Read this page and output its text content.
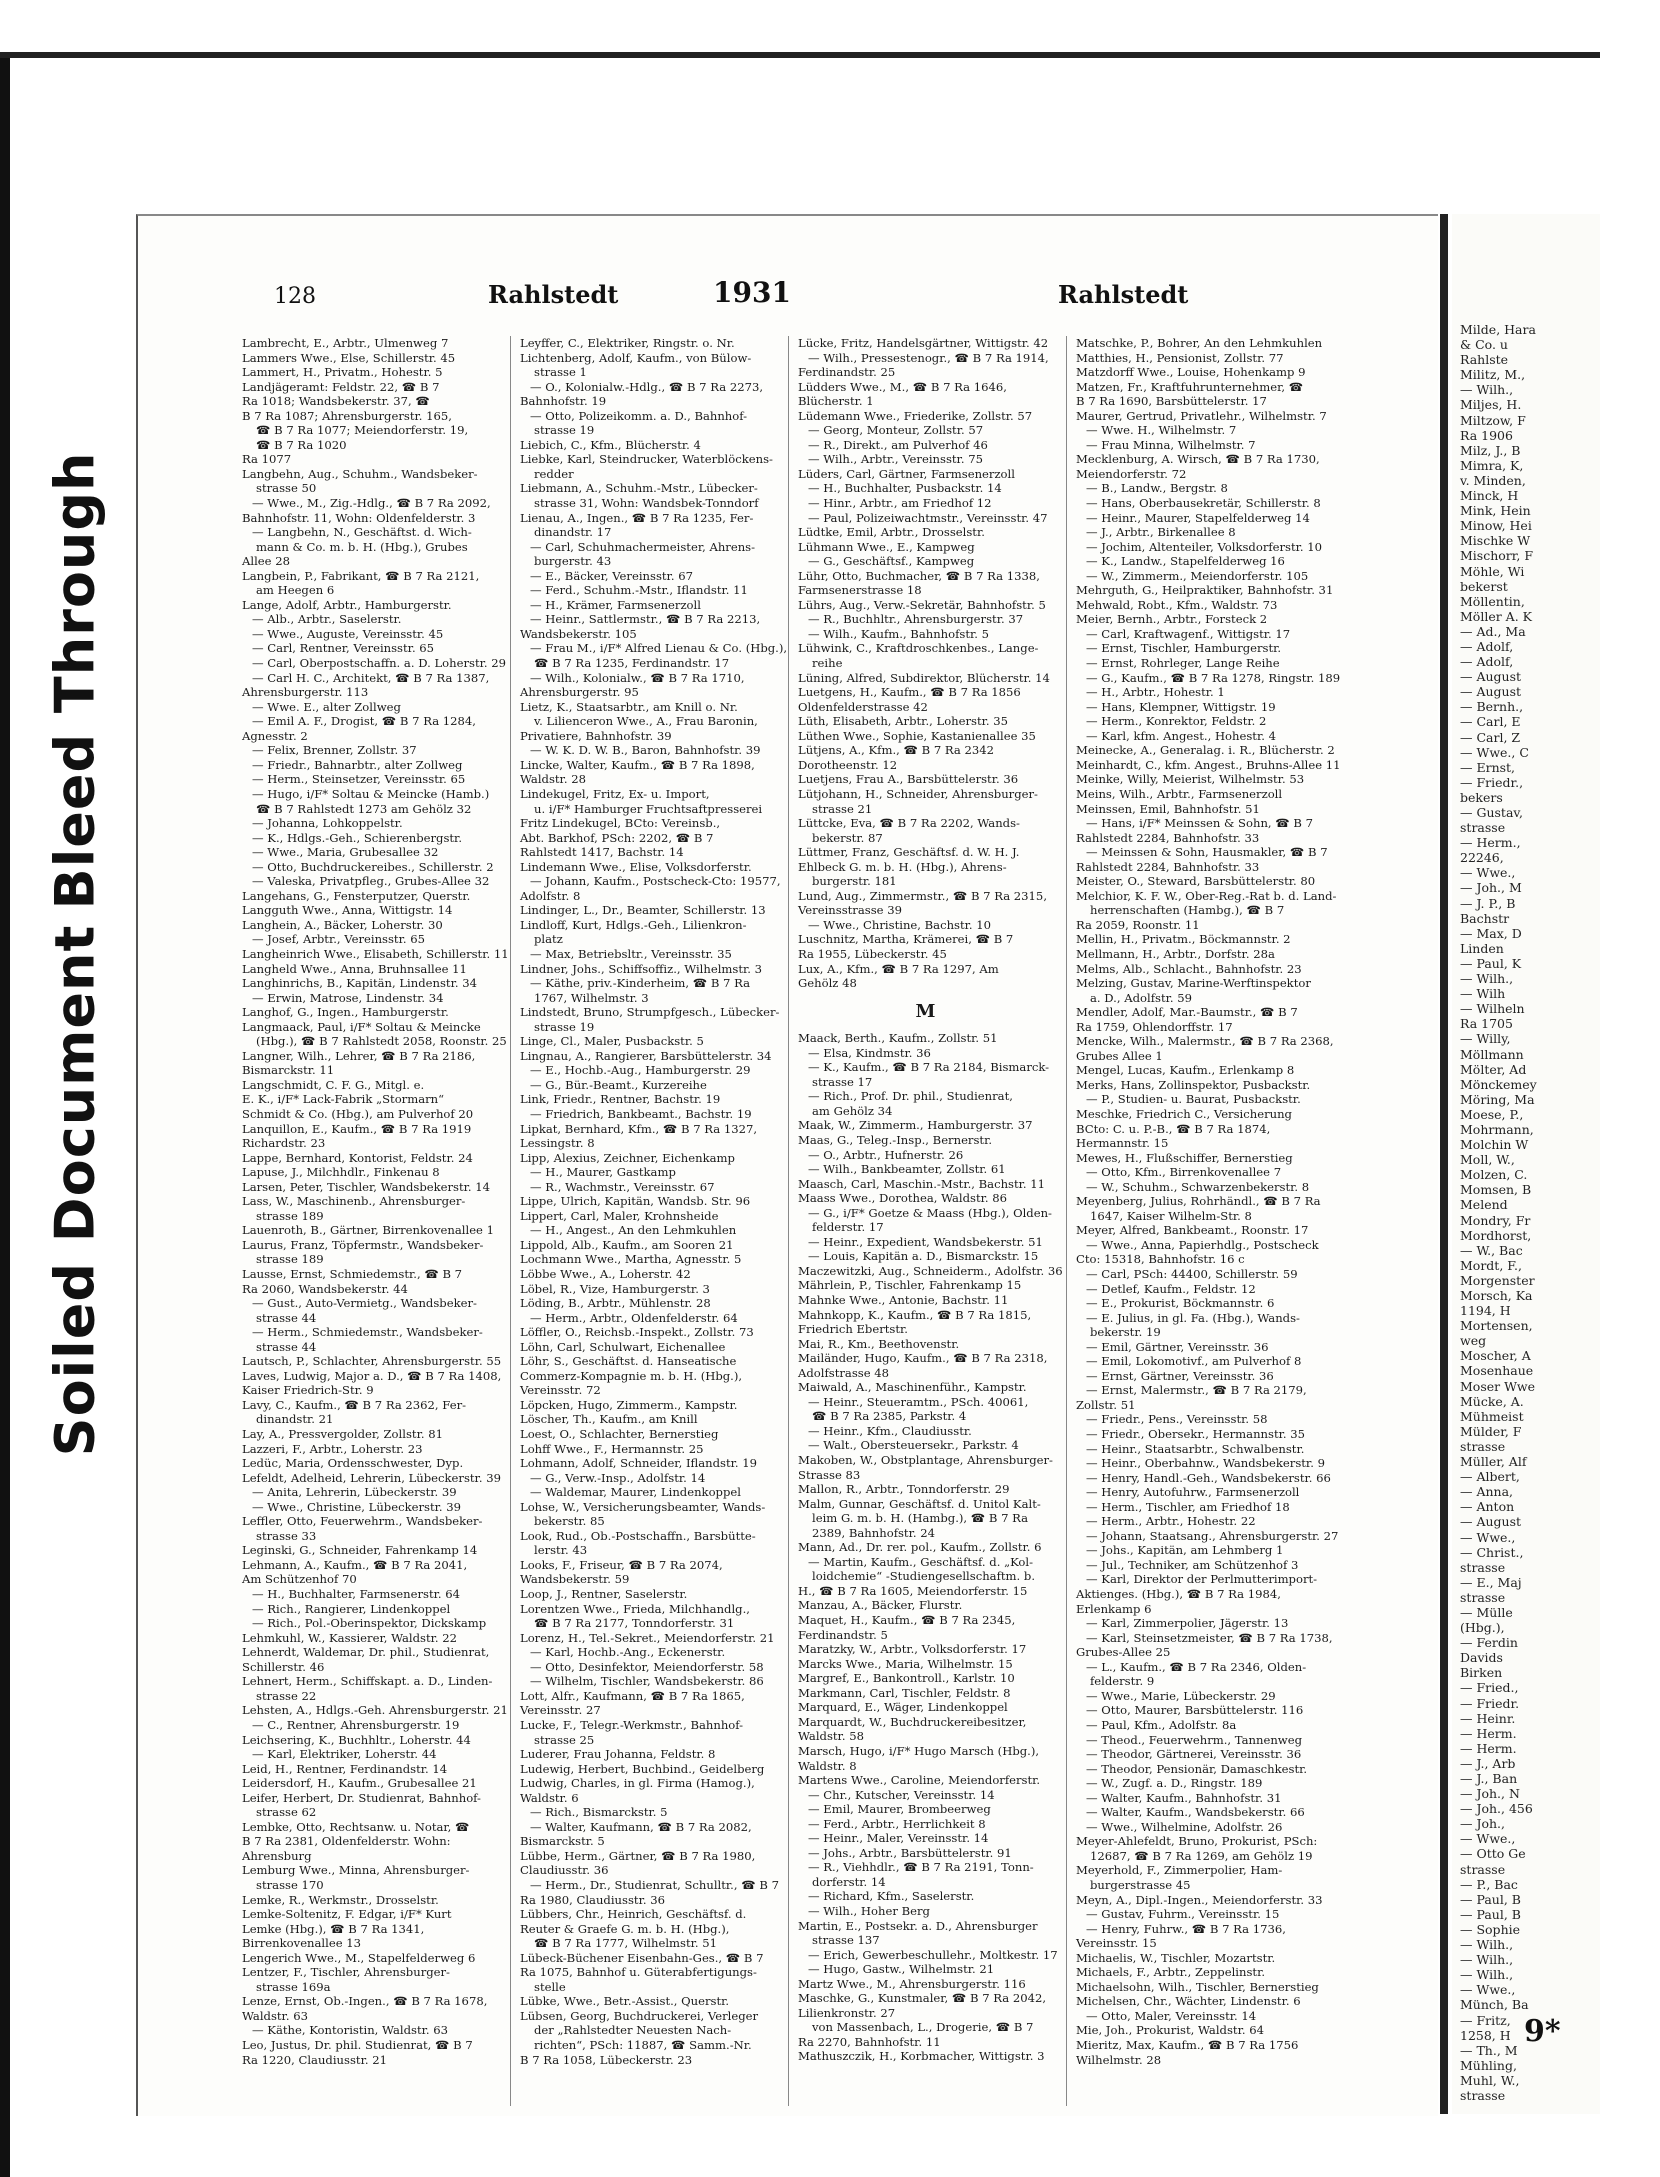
Bleed Through
Soiled Document
128	Rahlstedt	1931	Rahlstedt
Lambrecht, E., Arbtr., Ulmenweg 7
Lammers Wwe., Else, Schillerstr. 45
Lammert, H., Privatm., Hohestr. 5
Landjägeramt: Feldstr. 22, ☎ B 7
Ra 1018; Wandsbekerstr. 37, ☎
B 7 Ra 1087; Ahrensburgerstr. 165,
☎ B 7 Ra 1077; Meiendorferstr. 19,
☎ B 7 Ra 1020
Ra 1077
Langbehn, Aug., Schuhm., Wandsbeker-
strasse 50
— Wwe., M., Zig.-Hdlg., ☎ B 7 Ra 2092,
Bahnhofstr. 11, Wohn: Oldenfelderstr. 3
— Langbehn, N., Geschäftst. d. Wich-
mann & Co. m. b. H. (Hbg.), Grubes
Allee 28
Langbein, P., Fabrikant, ☎ B 7 Ra 2121,
am Heegen 6
Lange, Adolf, Arbtr., Hamburgerstr.
— Alb., Arbtr., Saselerstr.
— Wwe., Auguste, Vereinsstr. 45
— Carl, Rentner, Vereinsstr. 65
— Carl, Oberpostschaffn. a. D. Loherstr. 29
— Carl H. C., Architekt, ☎ B 7 Ra 1387,
Ahrensburgerstr. 113
— Wwe. E., alter Zollweg
— Emil A. F., Drogist, ☎ B 7 Ra 1284,
Agnesstr. 2
— Felix, Brenner, Zollstr. 37
— Friedr., Bahnarbtr., alter Zollweg
— Herm., Steinsetzer, Vereinsstr. 65
— Hugo, i/F* Soltau & Meincke (Hamb.)
☎ B 7 Rahlstedt 1273 am Gehölz 32
— Johanna, Lohkoppelstr.
— K., Hdlgs.-Geh., Schierenbergstr.
— Wwe., Maria, Grubesallee 32
— Otto, Buchdruckereibes., Schillerstr. 2
— Valeska, Privatpfleg., Grubes-Allee 32
Langehans, G., Fensterputzer, Querstr.
Langguth Wwe., Anna, Wittigstr. 14
Langhein, A., Bäcker, Loherstr. 30
— Josef, Arbtr., Vereinsstr. 65
Langheinrich Wwe., Elisabeth, Schillerstr. 11
Langheld Wwe., Anna, Bruhnsallee 11
Langhinrichs, B., Kapitän, Lindenstr. 34
— Erwin, Matrose, Lindenstr. 34
Langhof, G., Ingen., Hamburgerstr.
Langmaack, Paul, i/F* Soltau & Meincke
(Hbg.), ☎ B 7 Rahlstedt 2058, Roonstr. 25
Langner, Wilh., Lehrer, ☎ B 7 Ra 2186,
Bismarckstr. 11
Langschmidt, C. F. G., Mitgl. e.
E. K., i/F* Lack-Fabrik „Stormarn“
Schmidt & Co. (Hbg.), am Pulverhof 20
Lanquillon, E., Kaufm., ☎ B 7 Ra 1919
Richardstr. 23
Lappe, Bernhard, Kontorist, Feldstr. 24
Lapuse, J., Milchhdlr., Finkenau 8
Larsen, Peter, Tischler, Wandsbekerstr. 14
Lass, W., Maschinenb., Ahrensburger-
strasse 189
Lauenroth, B., Gärtner, Birrenkovenallee 1
Laurus, Franz, Töpfermstr., Wandsbeker-
strasse 189
Lausse, Ernst, Schmiedemstr., ☎ B 7
Ra 2060, Wandsbekerstr. 44
— Gust., Auto-Vermietg., Wandsbeker-
strasse 44
— Herm., Schmiedemstr., Wandsbeker-
strasse 44
Lautsch, P., Schlachter, Ahrensburgerstr. 55
Laves, Ludwig, Major a. D., ☎ B 7 Ra 1408,
Kaiser Friedrich-Str. 9
Lavy, C., Kaufm., ☎ B 7 Ra 2362, Fer-
dinandstr. 21
Lay, A., Pressvergolder, Zollstr. 81
Lazzeri, F., Arbtr., Loherstr. 23
Ledüc, Maria, Ordensschwester, Dyp.
Lefeldt, Adelheid, Lehrerin, Lübeckerstr. 39
— Anita, Lehrerin, Lübeckerstr. 39
— Wwe., Christine, Lübeckerstr. 39
Leffler, Otto, Feuerwehrm., Wandsbeker-
strasse 33
Leginski, G., Schneider, Fahrenkamp 14
Lehmann, A., Kaufm., ☎ B 7 Ra 2041,
Am Schützenhof 70
— H., Buchhalter, Farmsenerstr. 64
— Rich., Rangierer, Lindenkoppel
— Rich., Pol.-Oberinspektor, Dickskamp
Lehmkuhl, W., Kassierer, Waldstr. 22
Lehnerdt, Waldemar, Dr. phil., Studienrat,
Schillerstr. 46
Lehnert, Herm., Schiffskapt. a. D., Linden-
strasse 22
Lehsten, A., Hdlgs.-Geh. Ahrensburgerstr. 21
— C., Rentner, Ahrensburgerstr. 19
Leichsering, K., Buchhltr., Loherstr. 44
— Karl, Elektriker, Loherstr. 44
Leid, H., Rentner, Ferdinandstr. 14
Leidersdorf, H., Kaufm., Grubesallee 21
Leifer, Herbert, Dr. Studienrat, Bahnhof-
strasse 62
Lembke, Otto, Rechtsanw. u. Notar, ☎
B 7 Ra 2381, Oldenfelderstr. Wohn:
Ahrensburg
Lemburg Wwe., Minna, Ahrensburger-
strasse 170
Lemke, R., Werkmstr., Drosselstr.
Lemke-Soltenitz, F. Edgar, i/F* Kurt
Lemke (Hbg.), ☎ B 7 Ra 1341,
Birrenkovenallee 13
Lengerich Wwe., M., Stapelfelderweg 6
Lentzer, F., Tischler, Ahrensburger-
strasse 169a
Lenze, Ernst, Ob.-Ingen., ☎ B 7 Ra 1678,
Waldstr. 63
— Käthe, Kontoristin, Waldstr. 63
Leo, Justus, Dr. phil. Studienrat, ☎ B 7
Ra 1220, Claudiusstr. 21
Leyffer, C., Elektriker, Ringstr. o. Nr.
Lichtenberg, Adolf, Kaufm., von Bülow-
strasse 1
— O., Kolonialw.-Hdlg., ☎ B 7 Ra 2273,
Bahnhofstr. 19
— Otto, Polizeikomm. a. D., Bahnhof-
strasse 19
Liebich, C., Kfm., Blücherstr. 4
Liebke, Karl, Steindrucker, Waterblöckens-
redder
Liebmann, A., Schuhm.-Mstr., Lübecker-
strasse 31, Wohn: Wandsbek-Tonndorf
Lienau, A., Ingen., ☎ B 7 Ra 1235, Fer-
dinandstr. 17
— Carl, Schuhmachermeister, Ahrens-
burgerstr. 43
— E., Bäcker, Vereinsstr. 67
— Ferd., Schuhm.-Mstr., Iflandstr. 11
— H., Krämer, Farmsenerzoll
— Heinr., Sattlermstr., ☎ B 7 Ra 2213,
Wandsbekerstr. 105
— Frau M., i/F* Alfred Lienau & Co. (Hbg.),
☎ B 7 Ra 1235, Ferdinandstr. 17
— Wilh., Kolonialw., ☎ B 7 Ra 1710,
Ahrensburgerstr. 95
Lietz, K., Staatsarbtr., am Knill o. Nr.
v. Lilienceron Wwe., A., Frau Baronin,
Privatiere, Bahnhofstr. 39
— W. K. D. W. B., Baron, Bahnhofstr. 39
Lincke, Walter, Kaufm., ☎ B 7 Ra 1898,
Waldstr. 28
Lindekugel, Fritz, Ex- u. Import,
u. i/F* Hamburger Fruchtsaftpresserei
Fritz Lindekugel, BCto: Vereinsb.,
Abt. Barkhof, PSch: 2202, ☎ B 7
Rahlstedt 1417, Bachstr. 14
Lindemann Wwe., Elise, Volksdorferstr.
— Johann, Kaufm., Postscheck-Cto: 19577,
Adolfstr. 8
Lindinger, L., Dr., Beamter, Schillerstr. 13
Lindloff, Kurt, Hdlgs.-Geh., Lilienkron-
platz
— Max, Betriebsltr., Vereinsstr. 35
Lindner, Johs., Schiffsoffiz., Wilhelmstr. 3
— Käthe, priv.-Kinderheim, ☎ B 7 Ra
1767, Wilhelmstr. 3
Lindstedt, Bruno, Strumpfgesch., Lübecker-
strasse 19
Linge, Cl., Maler, Pusbackstr. 5
Lingnau, A., Rangierer, Barsbüttelerstr. 34
— E., Hochb.-Aug., Hamburgerstr. 29
— G., Bür.-Beamt., Kurzereihe
Link, Friedr., Rentner, Bachstr. 19
— Friedrich, Bankbeamt., Bachstr. 19
Lipkat, Bernhard, Kfm., ☎ B 7 Ra 1327,
Lessingstr. 8
Lipp, Alexius, Zeichner, Eichenkamp
— H., Maurer, Gastkamp
— R., Wachmstr., Vereinsstr. 67
Lippe, Ulrich, Kapitän, Wandsb. Str. 96
Lippert, Carl, Maler, Krohnsheide
— H., Angest., An den Lehmkuhlen
Lippold, Alb., Kaufm., am Sooren 21
Lochmann Wwe., Martha, Agnesstr. 5
Löbbe Wwe., A., Loherstr. 42
Löbel, R., Vize, Hamburgerstr. 3
Löding, B., Arbtr., Mühlenstr. 28
— Herm., Arbtr., Oldenfelderstr. 64
Löffler, O., Reichsb.-Inspekt., Zollstr. 73
Löhn, Carl, Schulwart, Eichenallee
Löhr, S., Geschäftst. d. Hanseatische
Commerz-Kompagnie m. b. H. (Hbg.),
Vereinsstr. 72
Löpcken, Hugo, Zimmerm., Kampstr.
Löscher, Th., Kaufm., am Knill
Loest, O., Schlachter, Bernerstieg
Lohff Wwe., F., Hermannstr. 25
Lohmann, Adolf, Schneider, Iflandstr. 19
— G., Verw.-Insp., Adolfstr. 14
— Waldemar, Maurer, Lindenkoppel
Lohse, W., Versicherungsbeamter, Wands-
bekerstr. 85
Look, Rud., Ob.-Postschaffn., Barsbütte-
lerstr. 43
Looks, F., Friseur, ☎ B 7 Ra 2074,
Wandsbekerstr. 59
Loop, J., Rentner, Saselerstr.
Lorentzen Wwe., Frieda, Milchhandlg.,
☎ B 7 Ra 2177, Tonndorferstr. 31
Lorenz, H., Tel.-Sekret., Meiendorferstr. 21
— Karl, Hochb.-Ang., Eckenerstr.
— Otto, Desinfektor, Meiendorferstr. 58
— Wilhelm, Tischler, Wandsbekerstr. 86
Lott, Alfr., Kaufmann, ☎ B 7 Ra 1865,
Vereinsstr. 27
Lucke, F., Telegr.-Werkmstr., Bahnhof-
strasse 25
Luderer, Frau Johanna, Feldstr. 8
Ludewig, Herbert, Buchbind., Geidelberg
Ludwig, Charles, in gl. Firma (Hamog.),
Waldstr. 6
— Rich., Bismarckstr. 5
— Walter, Kaufmann, ☎ B 7 Ra 2082,
Bismarckstr. 5
Lübbe, Herm., Gärtner, ☎ B 7 Ra 1980,
Claudiusstr. 36
— Herm., Dr., Studienrat, Schulltr., ☎ B 7
Ra 1980, Claudiusstr. 36
Lübbers, Chr., Heinrich, Geschäftsf. d.
Reuter & Graefe G. m. b. H. (Hbg.),
☎ B 7 Ra 1777, Wilhelmstr. 51
Lübeck-Büchener Eisenbahn-Ges., ☎ B 7
Ra 1075, Bahnhof u. Güterabfertigungs-
stelle
Lübke, Wwe., Betr.-Assist., Querstr.
Lübsen, Georg, Buchdruckerei, Verleger
der „Rahlstedter Neuesten Nach-
richten“, PSch: 11887, ☎ Samm.-Nr.
B 7 Ra 1058, Lübeckerstr. 23
Lücke, Fritz, Handelsgärtner, Wittigstr. 42
— Wilh., Pressestenogr., ☎ B 7 Ra 1914,
Ferdinandstr. 25
Lüdders Wwe., M., ☎ B 7 Ra 1646,
Blücherstr. 1
Lüdemann Wwe., Friederike, Zollstr. 57
— Georg, Monteur, Zollstr. 57
— R., Direkt., am Pulverhof 46
— Wilh., Arbtr., Vereinsstr. 75
Lüders, Carl, Gärtner, Farmsenerzoll
— H., Buchhalter, Pusbackstr. 14
— Hinr., Arbtr., am Friedhof 12
— Paul, Polizeiwachtmstr., Vereinsstr. 47
Lüdtke, Emil, Arbtr., Drosselstr.
Lühmann Wwe., E., Kampweg
— G., Geschäftsf., Kampweg
Lühr, Otto, Buchmacher, ☎ B 7 Ra 1338,
Farmsenerstrasse 18
Lührs, Aug., Verw.-Sekretär, Bahnhofstr. 5
— R., Buchhltr., Ahrensburgerstr. 37
— Wilh., Kaufm., Bahnhofstr. 5
Lühwink, C., Kraftdroschkenbes., Lange-
reihe
Lüning, Alfred, Subdirektor, Blücherstr. 14
Luetgens, H., Kaufm., ☎ B 7 Ra 1856
Oldenfelderstrasse 42
Lüth, Elisabeth, Arbtr., Loherstr. 35
Lüthen Wwe., Sophie, Kastanienallee 35
Lütjens, A., Kfm., ☎ B 7 Ra 2342
Dorotheenstr. 12
Luetjens, Frau A., Barsbüttelerstr. 36
Lütjohann, H., Schneider, Ahrensburger-
strasse 21
Lüttcke, Eva, ☎ B 7 Ra 2202, Wands-
bekerstr. 87
Lüttmer, Franz, Geschäftsf. d. W. H. J.
Ehlbeck G. m. b. H. (Hbg.), Ahrens-
burgerstr. 181
Lund, Aug., Zimmermstr., ☎ B 7 Ra 2315,
Vereinsstrasse 39
— Wwe., Christine, Bachstr. 10
Luschnitz, Martha, Krämerei, ☎ B 7
Ra 1955, Lübeckerstr. 45
Lux, A., Kfm., ☎ B 7 Ra 1297, Am
Gehölz 48
M
Maack, Berth., Kaufm., Zollstr. 51
— Elsa, Kindmstr. 36
— K., Kaufm., ☎ B 7 Ra 2184, Bismarck-
strasse 17
— Rich., Prof. Dr. phil., Studienrat,
am Gehölz 34
Maak, W., Zimmerm., Hamburgerstr. 37
Maas, G., Teleg.-Insp., Bernerstr.
— O., Arbtr., Hufnerstr. 26
— Wilh., Bankbeamter, Zollstr. 61
Maasch, Carl, Maschin.-Mstr., Bachstr. 11
Maass Wwe., Dorothea, Waldstr. 86
— G., i/F* Goetze & Maass (Hbg.), Olden-
felderstr. 17
— Heinr., Expedient, Wandsbekerstr. 51
— Louis, Kapitän a. D., Bismarckstr. 15
Maczewitzki, Aug., Schneiderm., Adolfstr. 36
Mährlein, P., Tischler, Fahrenkamp 15
Mahnke Wwe., Antonie, Bachstr. 11
Mahnkopp, K., Kaufm., ☎ B 7 Ra 1815,
Friedrich Ebertstr.
Mai, R., Km., Beethovenstr.
Mailänder, Hugo, Kaufm., ☎ B 7 Ra 2318,
Adolfstrasse 48
Maiwald, A., Maschinenführ., Kampstr.
— Heinr., Steueramtm., PSch. 40061,
☎ B 7 Ra 2385, Parkstr. 4
— Heinr., Kfm., Claudiusstr.
— Walt., Obersteuersekr., Parkstr. 4
Makoben, W., Obstplantage, Ahrensburger-
Strasse 83
Mallon, R., Arbtr., Tonndorferstr. 29
Malm, Gunnar, Geschäftsf. d. Unitol Kalt-
leim G. m. b. H. (Hambg.), ☎ B 7 Ra
2389, Bahnhofstr. 24
Mann, Ad., Dr. rer. pol., Kaufm., Zollstr. 6
— Martin, Kaufm., Geschäftsf. d. „Kol-
loidchemie“ -Studiengesellschaftm. b.
H., ☎ B 7 Ra 1605, Meiendorferstr. 15
Manzau, A., Bäcker, Flurstr.
Maquet, H., Kaufm., ☎ B 7 Ra 2345,
Ferdinandstr. 5
Maratzky, W., Arbtr., Volksdorferstr. 17
Marcks Wwe., Maria, Wilhelmstr. 15
Margref, E., Bankontroll., Karlstr. 10
Markmann, Carl, Tischler, Feldstr. 8
Marquard, E., Wäger, Lindenkoppel
Marquardt, W., Buchdruckereibesitzer,
Waldstr. 58
Marsch, Hugo, i/F* Hugo Marsch (Hbg.),
Waldstr. 8
Martens Wwe., Caroline, Meiendorferstr.
— Chr., Kutscher, Vereinsstr. 14
— Emil, Maurer, Brombeerweg
— Ferd., Arbtr., Herrlichkeit 8
— Heinr., Maler, Vereinsstr. 14
— Johs., Arbtr., Barsbüttelerstr. 91
— R., Viehhdlr., ☎ B 7 Ra 2191, Tonn-
dorferstr. 14
— Richard, Kfm., Saselerstr.
— Wilh., Hoher Berg
Martin, E., Postsekr. a. D., Ahrensburger
strasse 137
— Erich, Gewerbeschullehr., Moltkestr. 17
— Hugo, Gastw., Wilhelmstr. 21
Martz Wwe., M., Ahrensburgerstr. 116
Maschke, G., Kunstmaler, ☎ B 7 Ra 2042,
Lilienkronstr. 27
von Massenbach, L., Drogerie, ☎ B 7
Ra 2270, Bahnhofstr. 11
Mathuszczik, H., Korbmacher, Wittigstr. 3
Matschke, P., Bohrer, An den Lehmkuhlen
Matthies, H., Pensionist, Zollstr. 77
Matzdorff Wwe., Louise, Hohenkamp 9
Matzen, Fr., Kraftfuhrunternehmer, ☎
B 7 Ra 1690, Barsbüttelerstr. 17
Maurer, Gertrud, Privatlehr., Wilhelmstr. 7
— Wwe. H., Wilhelmstr. 7
— Frau Minna, Wilhelmstr. 7
Mecklenburg, A. Wirsch, ☎ B 7 Ra 1730,
Meiendorferstr. 72
— B., Landw., Bergstr. 8
— Hans, Oberbausekretär, Schillerstr. 8
— Heinr., Maurer, Stapelfelderweg 14
— J., Arbtr., Birkenallee 8
— Jochim, Altenteiler, Volksdorferstr. 10
— K., Landw., Stapelfelderweg 16
— W., Zimmerm., Meiendorferstr. 105
Mehrguth, G., Heilpraktiker, Bahnhofstr. 31
Mehwald, Robt., Kfm., Waldstr. 73
Meier, Bernh., Arbtr., Forsteck 2
— Carl, Kraftwagenf., Wittigstr. 17
— Ernst, Tischler, Hamburgerstr.
— Ernst, Rohrleger, Lange Reihe
— G., Kaufm., ☎ B 7 Ra 1278, Ringstr. 189
— H., Arbtr., Hohestr. 1
— Hans, Klempner, Wittigstr. 19
— Herm., Konrektor, Feldstr. 2
— Karl, kfm. Angest., Hohestr. 4
Meinecke, A., Generalag. i. R., Blücherstr. 2
Meinhardt, C., kfm. Angest., Bruhns-Allee 11
Meinke, Willy, Meierist, Wilhelmstr. 53
Meins, Wilh., Arbtr., Farmsenerzoll
Meinssen, Emil, Bahnhofstr. 51
— Hans, i/F* Meinssen & Sohn, ☎ B 7
Rahlstedt 2284, Bahnhofstr. 33
— Meinssen & Sohn, Hausmakler, ☎ B 7
Rahlstedt 2284, Bahnhofstr. 33
Meister, O., Steward, Barsbüttelerstr. 80
Melchior, K. F. W., Ober-Reg.-Rat b. d. Land-
herrenschaften (Hambg.), ☎ B 7
Ra 2059, Roonstr. 11
Mellin, H., Privatm., Böckmannstr. 2
Mellmann, H., Arbtr., Dorfstr. 28a
Melms, Alb., Schlacht., Bahnhofstr. 23
Melzing, Gustav, Marine-Werftinspektor
a. D., Adolfstr. 59
Mendler, Adolf, Mar.-Baumstr., ☎ B 7
Ra 1759, Ohlendorffstr. 17
Mencke, Wilh., Malermstr., ☎ B 7 Ra 2368,
Grubes Allee 1
Mengel, Lucas, Kaufm., Erlenkamp 8
Merks, Hans, Zollinspektor, Pusbackstr.
— P., Studien- u. Baurat, Pusbackstr.
Meschke, Friedrich C., Versicherung
BCto: C. u. P.-B., ☎ B 7 Ra 1874,
Hermannstr. 15
Mewes, H., Flußschiffer, Bernerstieg
— Otto, Kfm., Birrenkovenallee 7
— W., Schuhm., Schwarzenbekerstr. 8
Meyenberg, Julius, Rohrhändl., ☎ B 7 Ra
1647, Kaiser Wilhelm-Str. 8
Meyer, Alfred, Bankbeamt., Roonstr. 17
— Wwe., Anna, Papierhdlg., Postscheck
Cto: 15318, Bahnhofstr. 16 c
— Carl, PSch: 44400, Schillerstr. 59
— Detlef, Kaufm., Feldstr. 12
— E., Prokurist, Böckmannstr. 6
— E. Julius, in gl. Fa. (Hbg.), Wands-
bekerstr. 19
— Emil, Gärtner, Vereinsstr. 36
— Emil, Lokomotivf., am Pulverhof 8
— Ernst, Gärtner, Vereinsstr. 36
— Ernst, Malermstr., ☎ B 7 Ra 2179,
Zollstr. 51
— Friedr., Pens., Vereinsstr. 58
— Friedr., Obersekr., Hermannstr. 35
— Heinr., Staatsarbtr., Schwalbenstr.
— Heinr., Oberbahnw., Wandsbekerstr. 9
— Henry, Handl.-Geh., Wandsbekerstr. 66
— Henry, Autofuhrw., Farmsenerzoll
— Herm., Tischler, am Friedhof 18
— Herm., Arbtr., Hohestr. 22
— Johann, Staatsang., Ahrensburgerstr. 27
— Johs., Kapitän, am Lehmberg 1
— Jul., Techniker, am Schützenhof 3
— Karl, Direktor der Perlmutterimport-
Aktienges. (Hbg.), ☎ B 7 Ra 1984,
Erlenkamp 6
— Karl, Zimmerpolier, Jägerstr. 13
— Karl, Steinsetzmeister, ☎ B 7 Ra 1738,
Grubes-Allee 25
— L., Kaufm., ☎ B 7 Ra 2346, Olden-
felderstr. 9
— Wwe., Marie, Lübeckerstr. 29
— Otto, Maurer, Barsbüttelerstr. 116
— Paul, Kfm., Adolfstr. 8a
— Theod., Feuerwehrm., Tannenweg
— Theodor, Gärtnerei, Vereinsstr. 36
— Theodor, Pensionär, Damaschkestr.
— W., Zugf. a. D., Ringstr. 189
— Walter, Kaufm., Bahnhofstr. 31
— Walter, Kaufm., Wandsbekerstr. 66
— Wwe., Wilhelmine, Adolfstr. 26
Meyer-Ahlefeldt, Bruno, Prokurist, PSch:
12687, ☎ B 7 Ra 1269, am Gehölz 19
Meyerhold, F., Zimmerpolier, Ham-
burgerstrasse 45
Meyn, A., Dipl.-Ingen., Meiendorferstr. 33
— Gustav, Fuhrm., Vereinsstr. 15
— Henry, Fuhrw., ☎ B 7 Ra 1736,
Vereinsstr. 15
Michaelis, W., Tischler, Mozartstr.
Michaels, F., Arbtr., Zeppelinstr.
Michaelsohn, Wilh., Tischler, Bernerstieg
Michelsen, Chr., Wächter, Lindenstr. 6
— Otto, Maler, Vereinsstr. 14
Mie, Joh., Prokurist, Waldstr. 64
Mieritz, Max, Kaufm., ☎ B 7 Ra 1756
Wilhelmstr. 28
Milde, Hara
& Co. u
Rahlste
Militz, M.,
— Wilh.,
Miljes, H.
Miltzow, F
Ra 1906
Milz, J., B
Mimra, K,
v. Minden,
Minck, H
Mink, Hein
Minow, Hei
Mischke W
Mischorr, F
Möhle, Wi
bekerst
Möllentin,
Möller A. K
— Ad., Ma
— Adolf,
— Adolf,
— August
— August
— Bernh.,
— Carl, E
— Carl, Z
— Wwe., C
— Ernst,
— Friedr.,
bekers
— Gustav,
strasse
— Herm.,
22246,
— Wwe.,
— Joh., M
— J. P., B
Bachstr
— Max, D
Linden
— Paul, K
— Wilh.,
— Wilh
— Wilheln
Ra 1705
— Willy,
Möllmann
Mölter, Ad
Mönckemey
Möring, Ma
Moese, P.,
Mohrmann,
Molchin W
Moll, W.,
Molzen, C.
Momsen, B
Melend
Mondry, Fr
Mordhorst,
— W., Bac
Mordt, F.,
Morgenster
Morsch, Ka
1194, H
Mortensen,
weg
Moscher, A
Mosenhaue
Moser Wwe
Mücke, A.
Mühmeist
Mülder, F
strasse
Müller, Alf
— Albert,
— Anna,
— Anton
— August
— Wwe.,
— Christ.,
strasse
— E., Maj
strasse
— Mülle
(Hbg.),
— Ferdin
Davids
Birken
— Fried.,
— Friedr.
— Heinr.
— Herm.
— Herm.
— J., Arb
— J., Ban
— Joh., N
— Joh., 456
— Joh.,
— Wwe.,
— Otto Ge
strasse
— P., Bac
— Paul, B
— Paul, B
— Sophie
— Wilh.,
— Wilh.,
— Wilh.,
— Wwe.,
Münch, Ba
— Fritz,
1258, H
— Th., M
Mühling,
Muhl, W.,
strasse
9*
